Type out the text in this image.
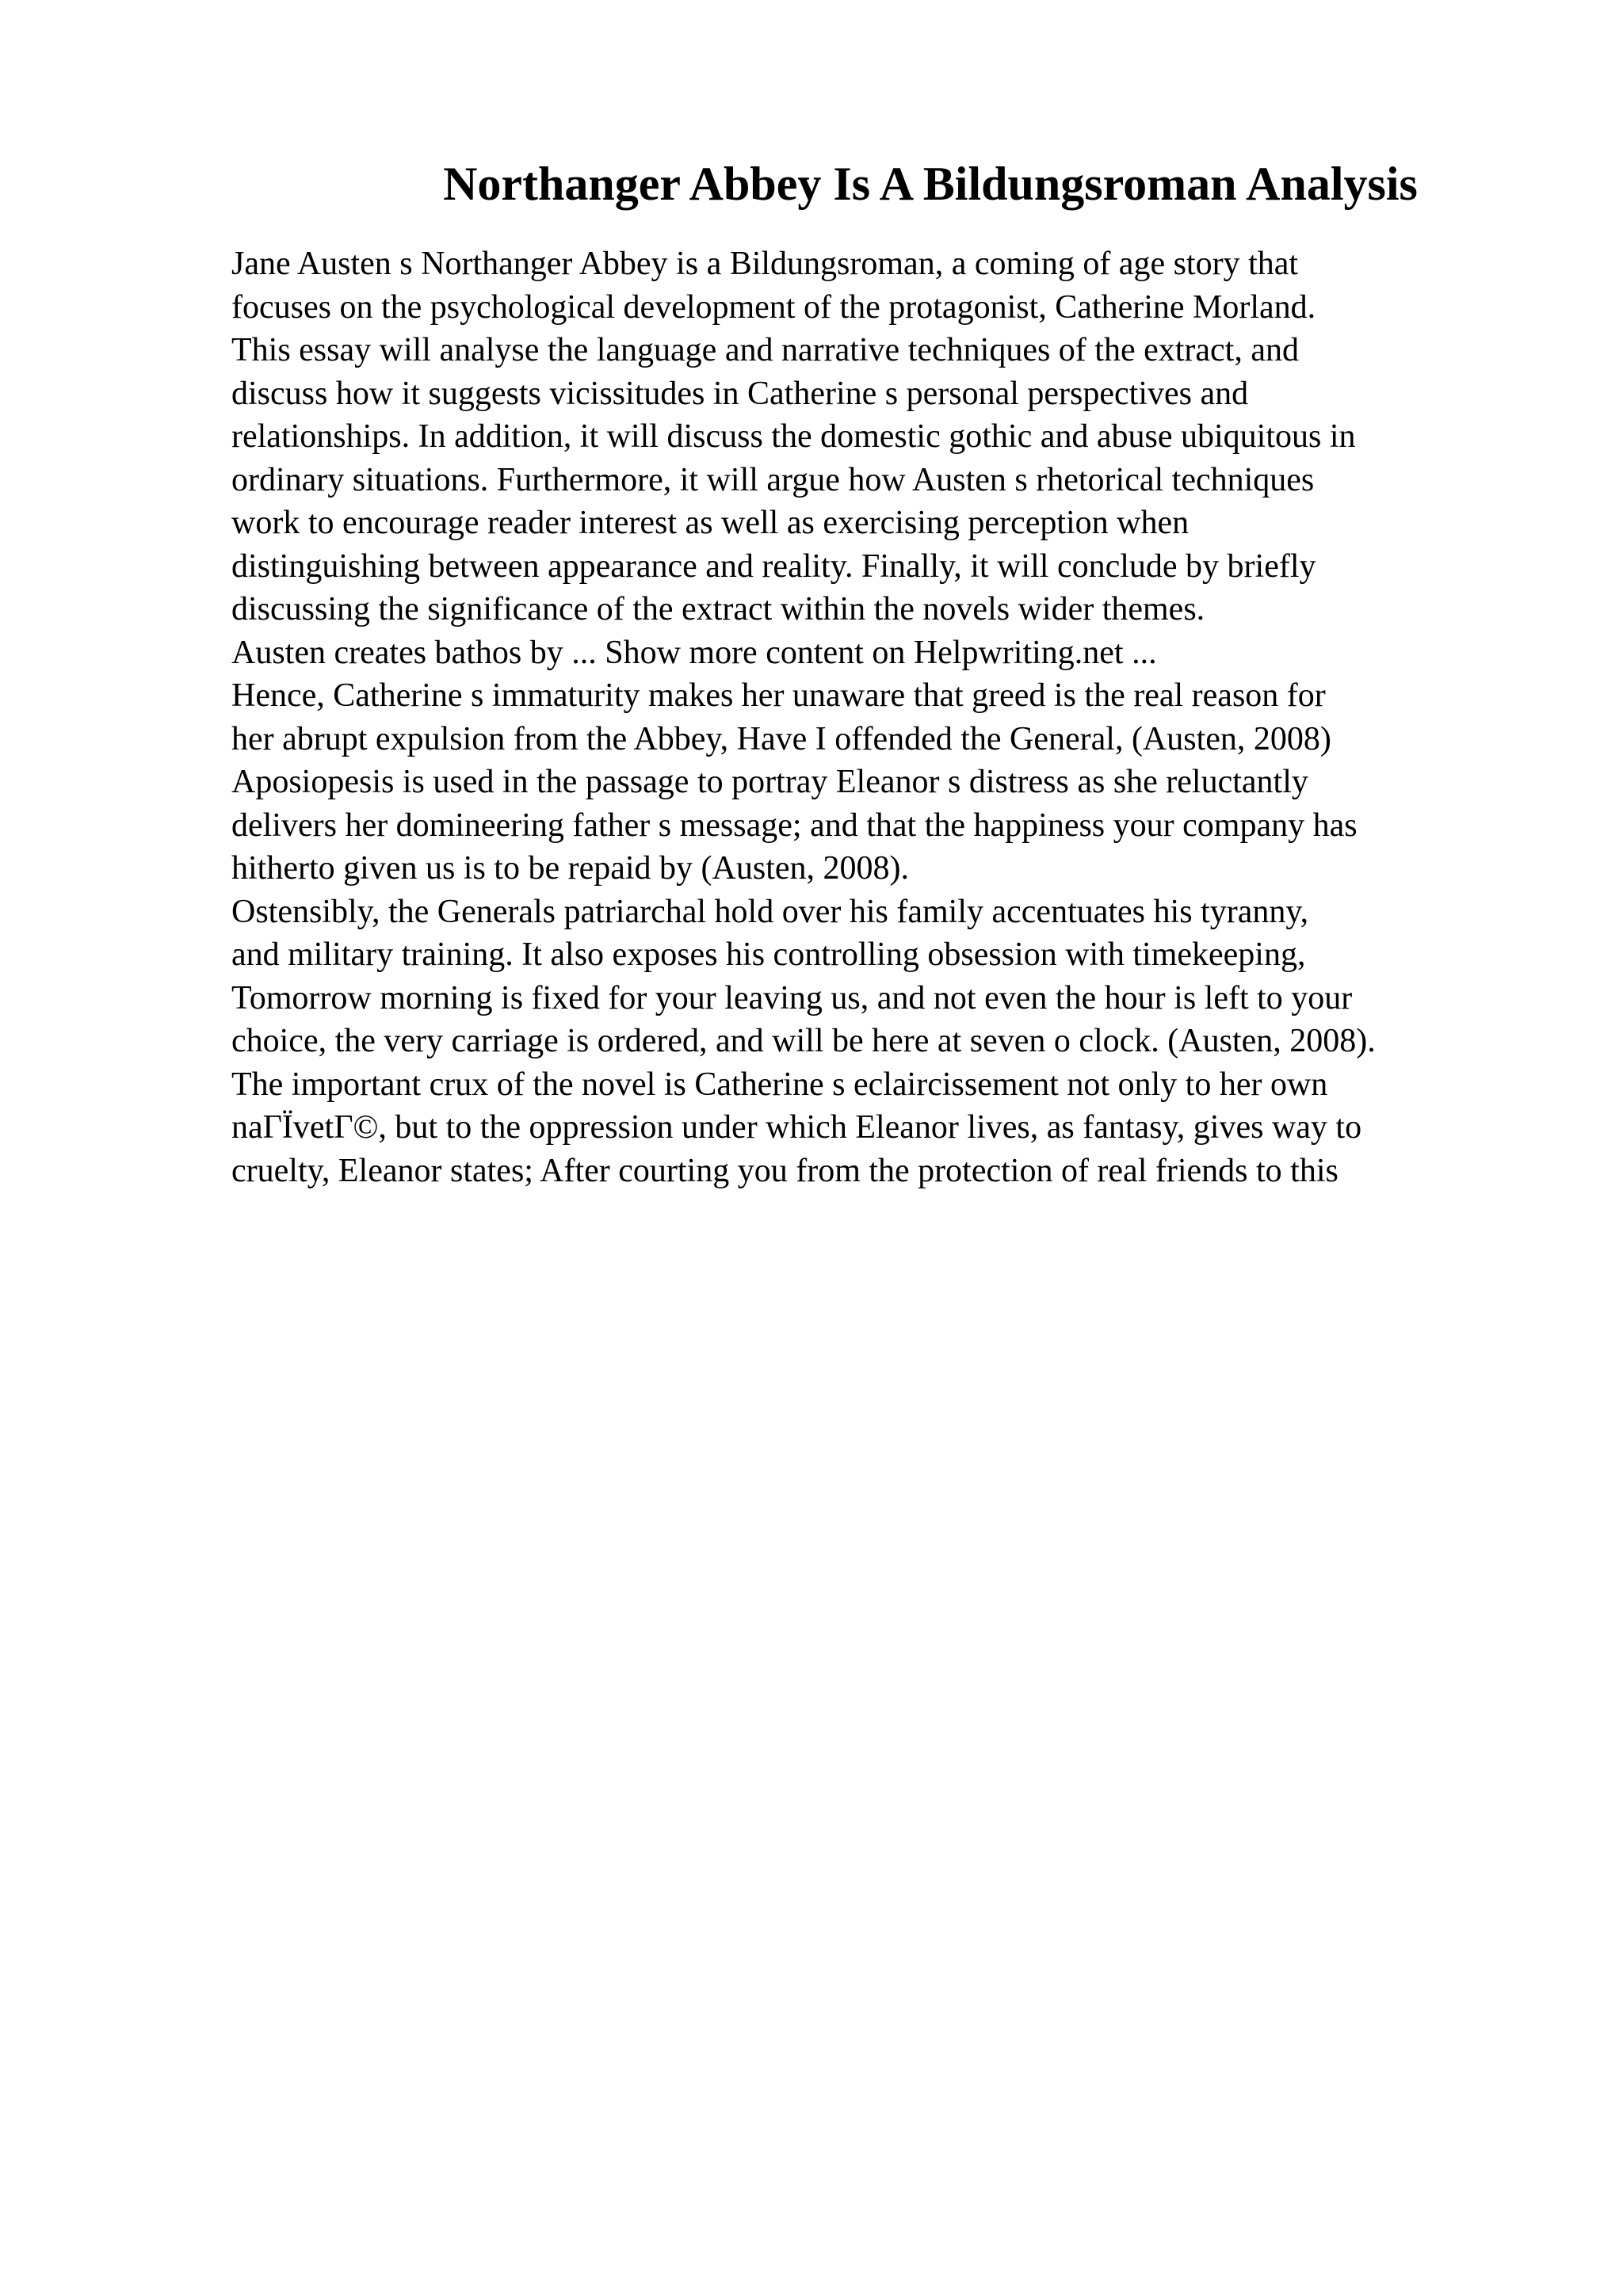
Northanger Abbey Is A Bildungsroman Analysis
Jane Austen s Northanger Abbey is a Bildungsroman, a coming of age story that
focuses on the psychological development of the protagonist, Catherine Morland.
This essay will analyse the language and narrative techniques of the extract, and
discuss how it suggests vicissitudes in Catherine s personal perspectives and
relationships. In addition, it will discuss the domestic gothic and abuse ubiquitous in
ordinary situations. Furthermore, it will argue how Austen s rhetorical techniques
work to encourage reader interest as well as exercising perception when
distinguishing between appearance and reality. Finally, it will conclude by briefly
discussing the significance of the extract within the novels wider themes.
Austen creates bathos by ... Show more content on Helpwriting.net ...
Hence, Catherine s immaturity makes her unaware that greed is the real reason for
her abrupt expulsion from the Abbey, Have I offended the General, (Austen, 2008)
Aposiopesis is used in the passage to portray Eleanor s distress as she reluctantly
delivers her domineering father s message; and that the happiness your company has
hitherto given us is to be repaid by (Austen, 2008).
Ostensibly, the Generals patriarchal hold over his family accentuates his tyranny,
and military training. It also exposes his controlling obsession with timekeeping,
Tomorrow morning is fixed for your leaving us, and not even the hour is left to your
choice, the very carriage is ordered, and will be here at seven o clock. (Austen, 2008).
The important crux of the novel is Catherine s eclaircissement not only to her own
naГЇvetГ©, but to the oppression under which Eleanor lives, as fantasy, gives way to
cruelty, Eleanor states; After courting you from the protection of real friends to this
